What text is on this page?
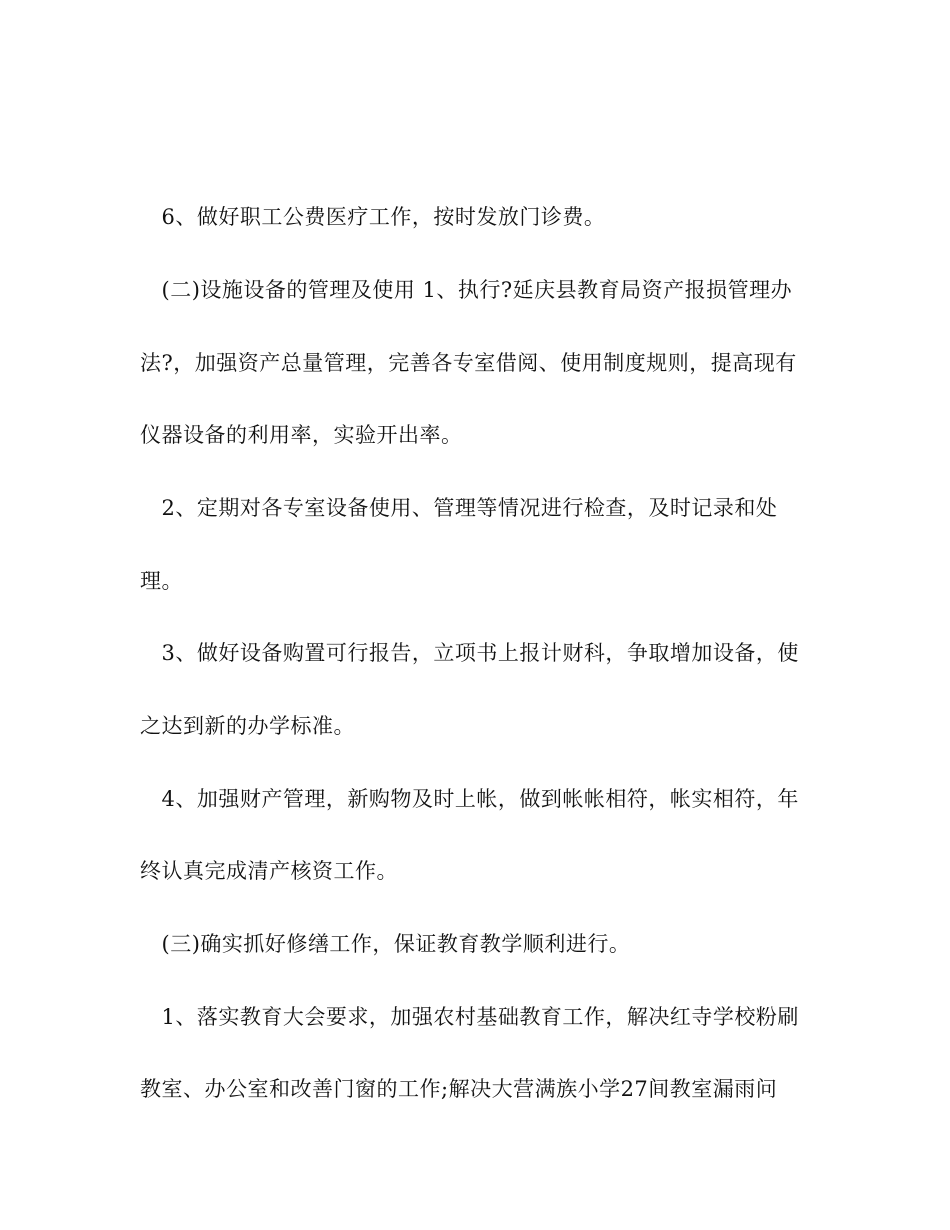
　6、做好职工公费医疗工作，按时发放门诊费。
　(二)设施设备的管理及使用 1、执行?延庆县教育局资产报损管理办
法?，加强资产总量管理，完善各专室借阅、使用制度规则，提高现有
仪器设备的利用率，实验开出率。
　2、定期对各专室设备使用、管理等情况进行检查，及时记录和处
理。
　3、做好设备购置可行报告，立项书上报计财科，争取增加设备，使
之达到新的办学标准。
　4、加强财产管理，新购物及时上帐，做到帐帐相符，帐实相符，年
终认真完成清产核资工作。
　(三)确实抓好修缮工作，保证教育教学顺利进行。
　1、落实教育大会要求，加强农村基础教育工作，解决红寺学校粉刷
教室、办公室和改善门窗的工作;解决大营满族小学27间教室漏雨问
